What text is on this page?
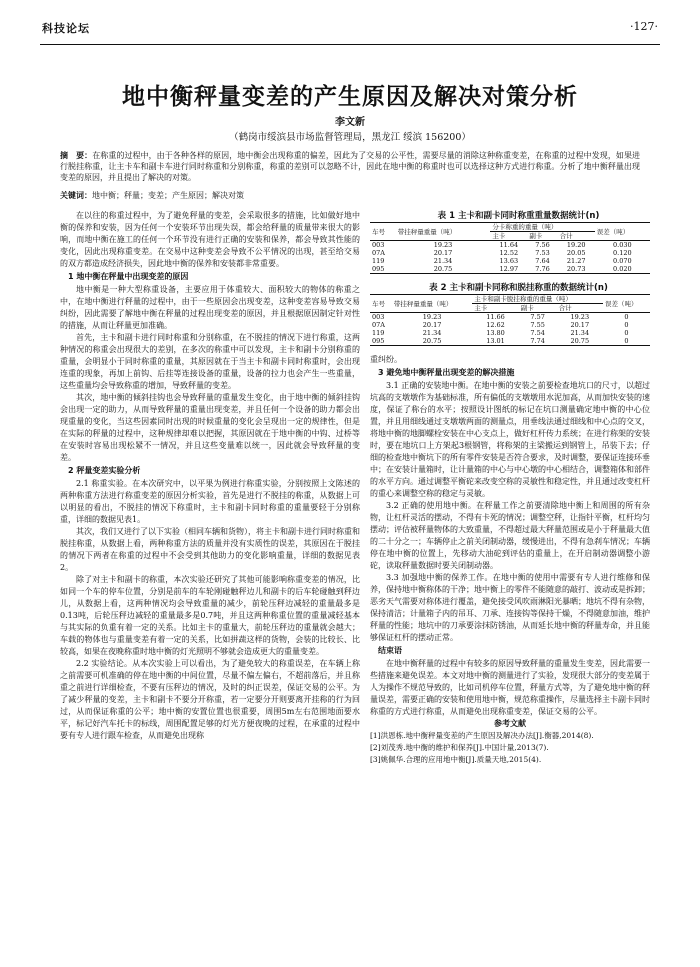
科技论坛	·127·
地中衡秤量变差的产生原因及解决对策分析
李文新
（鹤岗市绥滨县市场监督管理局，黑龙江 绥滨 156200）
摘　要：在称重的过程中，由于各种各样的原因，地中衡会出现称重的偏差，因此为了交易的公平性，需要尽量的消除这种称重变差，在称重的过程中发现，如果进行脱挂称重，让主卡车和副卡车进行同时称重和分别称重，称重的差别可以忽略不计，因此在地中衡的称重时也可以选择这种方式进行称重。分析了地中衡秤量出现变差的原因，并且提出了解决的对策。
关键词：地中衡；秤量；变差；产生原因；解决对策

在以往的称重过程中，为了避免秤量的变差，会采取很多的措施，比如做好地中衡的保养和安装，因为任何一个安装环节出现失误，都会给秤量的质量带来很大的影响，而地中衡在施工的任何一个环节没有进行正确的安装和保养，都会导致其性能的变化，因此出现称重变差。在交易中这种变差会导致不公平情况的出现，甚至给交易的双方都造成经济损失，因此地中衡的保养和安装都非常重要。

1 地中衡在秤量中出现变差的原因

地中衡是一种大型称重设备，主要应用于体重较大、面积较大的物体的称重之中，在地中衡进行秤量的过程中，由于一些原因会出现变差，这种变差容易导致交易纠纷，因此需要了解地中衡在秤量的过程出现变差的原因，并且根据原因制定针对性的措施，从而让秤量更加准确。

首先，主卡和副卡进行同时称重和分别称重，在不脱挂的情况下进行称重，这两种情况的称重会出现很大的差别，在多次的称重中可以发现，主卡和副卡分别称重的重量，会明显小于同时称重的重量，其原因就在于当主卡和副卡同时称重时，会出现连重的现象，再加上前钩、后挂等连接设备的重量，设备的拉力也会产生一些重量，这些重量均会导致称重的增加，导致秤量的变差。

其次，地中衡的倾斜挂钩也会导致秤量的重量发生变化，由于地中衡的倾斜挂钩会出现一定的助力，从而导致秤量的重量出现变差，并且任何一个设备的助力都会出现重量的变化，当这些因素同时出现的时候重量的变化会呈现出一定的规律性，但是在实际的秤量的过程中，这种规律却难以把握，其原因就在于地中衡的中钩、过桥等在安装时容易出现松紧不一情况，并且这些变量难以统一，因此就会导致秤量的变差。

2 秤量变差实验分析

2.1 称重实验。在本次研究中，以平果为例进行称重实验，分别按照上文陈述的两种称重方法进行称重变差的原因分析实验，首先是进行不脱挂的称重，从数据上可以明显的看出，不脱挂的情况下称重时，主卡和副卡同时称重的重量要轻于分别称重，详细的数据见表1。

其次，我们又进行了以下实验（相同车辆和货物），将主卡和副卡进行同时称重和脱挂称重，从数据上看，两种称重方法的质量并没有实质性的误差，其原因在于脱挂的情况下两者在称重的过程中不会受到其他助力的变化影响重量，详细的数据见表2。

除了对主卡和副卡的称重，本次实验还研究了其他可能影响称重变差的情况，比如同一个车的停车位置，分别是前车的车轮刚碰触秤边儿和副卡的后车轮碰触到秤边儿，从数据上看，这两种情况均会导致重量的减少，前轮压秤边减轻的重量最多是0.13吨，后轮压秤边减轻的重量最多是0.7吨，并且这两种称重位置的重量减轻基本与其实际的负重有着一定的关系。比如主卡的重量大，前轮压秤边的重量就会越大；车载的物体也与重量变差有着一定的关系，比如拼蔬这样的货物，会装的比较长、比较高，如果在夜晚称重时地中衡的灯光照明不够就会造成更大的重量变差。

2.2 实验结论。从本次实验上可以看出，为了避免较大的称重误差，在车辆上称之前需要可机准确的停在地中衡的中间位置，尽量不偏左偏右，不超前落后，并且称重之前进行详细检查，不要有压秤边的情况，及时的纠正误差，保证交易的公平。为了减少秤量的变差，主卡和副卡不要分开称重，若一定要分开则要离开挂称的行为回过，从而保证称重的公平；地中衡的安置位置也很重要，周围5m左右范围地面要水平，标记好汽车托卡的标线，周围配置足够的灯光方便夜晚的过程，在承重的过程中要有专人进行跟车检查，从而避免出现称

表 1 主卡和副卡同时称重重量数据统计(n)

车号	带挂秤量重量（吨）	分卡称重的重量（吨）			误差（吨）
		主卡	副卡	合计	
003	19.23	11.64	7.56	19.20	0.030
07A	20.17	12.52	7.53	20.05	0.120
119	21.34	13.63	7.64	21.27	0.070
095	20.75	12.97	7.76	20.73	0.020

表 2 主卡和副卡同称和脱挂称重的数据统计(n)

车号	带挂秤量重量（吨）	主卡和副卡脱挂称重的重量（吨）			误差（吨）
		主卡	副卡	合计	
003	19.23	11.66	7.57	19.23	0
07A	20.17	12.62	7.55	20.17	0
119	21.34	13.80	7.54	21.34	0
095	20.75	13.01	7.74	20.75	0

重纠纷。

3 避免地中衡秤量出现变差的解决措施

3.1 正确的安装地中衡。在地中衡的安装之前要检查地坑口的尺寸，以超过坑高的支墩墩作为基础标准，所有偏低的支墩墩用水泥加高，从而加快安装的速度，保证了称台的水平；按照设计图纸的标记在坑口测量确定地中衡的中心位置，并且用细线通过支墩墩两面的测量点，用垂线法通过细线和中心点的交叉，将地中衡的地脚螺栓安装在中心支点上，做好杠杆传力系统；在进行称架的安装时，要在地坑口上方架起3根钢管，将称架的主梁搬运到钢管上，吊装下去；仔细的检查地中衡坑下的所有零件安装是否符合要求，及时调整，要保证连接环垂中；在安装计量箱时，让计量箱的中心与中心墩的中心相结合，调整箱体和部件的水平方向。通过调整平衡砣来改变空称的灵敏性和稳定性，并且通过改变杠杆的重心来调整空称的稳定与灵敏。

3.2 正确的使用地中衡。在秤量工作之前要清除地中衡上和周围的所有杂物，让杠杆灵活的摆动，不得有卡死的情况；调整空秤，让指针平衡，杠杆均匀摆动；评估被秤量物体的大致重量，不得超过最大秤量范围或是小于秤量最大值的二十分之一；车辆停止之前关闭制动器，缓慢进出，不得有急刹车情况；车辆停在地中衡的位置上，先移动大油砣到评估的重量上，在开启制动器调整小游砣，读取秤量数据时要关闭制动器。

3.3 加强地中衡的保养工作。在地中衡的使用中需要有专人进行维修和保养，保持地中衡称体的干净；地中衡上的零件不能随意的敲打、波动或是拆卸；恶劣天气需要对称体进行覆盖，避免接受风吹雨淋阳光暴晒；地坑不得有杂物，保持清洁；计量箱子内的吊耳、刀承、连接钩等保持干燥，不得随意加油，维护秤量的性能；地坑中的刀承要涂抹防锈油，从而延长地中衡的秤量寿命，并且能够保证杠杆的摆动正常。

结束语

在地中衡秤量的过程中有较多的原因导致秤量的重量发生变差，因此需要一些措施来避免误差。本文对地中衡的测量进行了实验，发现很大部分的变差属于人为操作不规范导致的，比如司机停车位置，秤量方式等，为了避免地中衡的秤量误差，需要正确的安装和使用地中衡，规范称重操作，尽量选择主卡副卡同时称重的方式进行称重，从而避免出现称重变差，保证交易的公平。

参考文献

[1]洪恩栋.地中衡秤量变差的产生原因及解决办法[J].衡器,2014(8).

[2]刘茂秀.地中衡的维护和保养[J].中国计量,2013(7).

[3]姚佩华.合理的应用地中衡[J].质量天地,2015(4).
